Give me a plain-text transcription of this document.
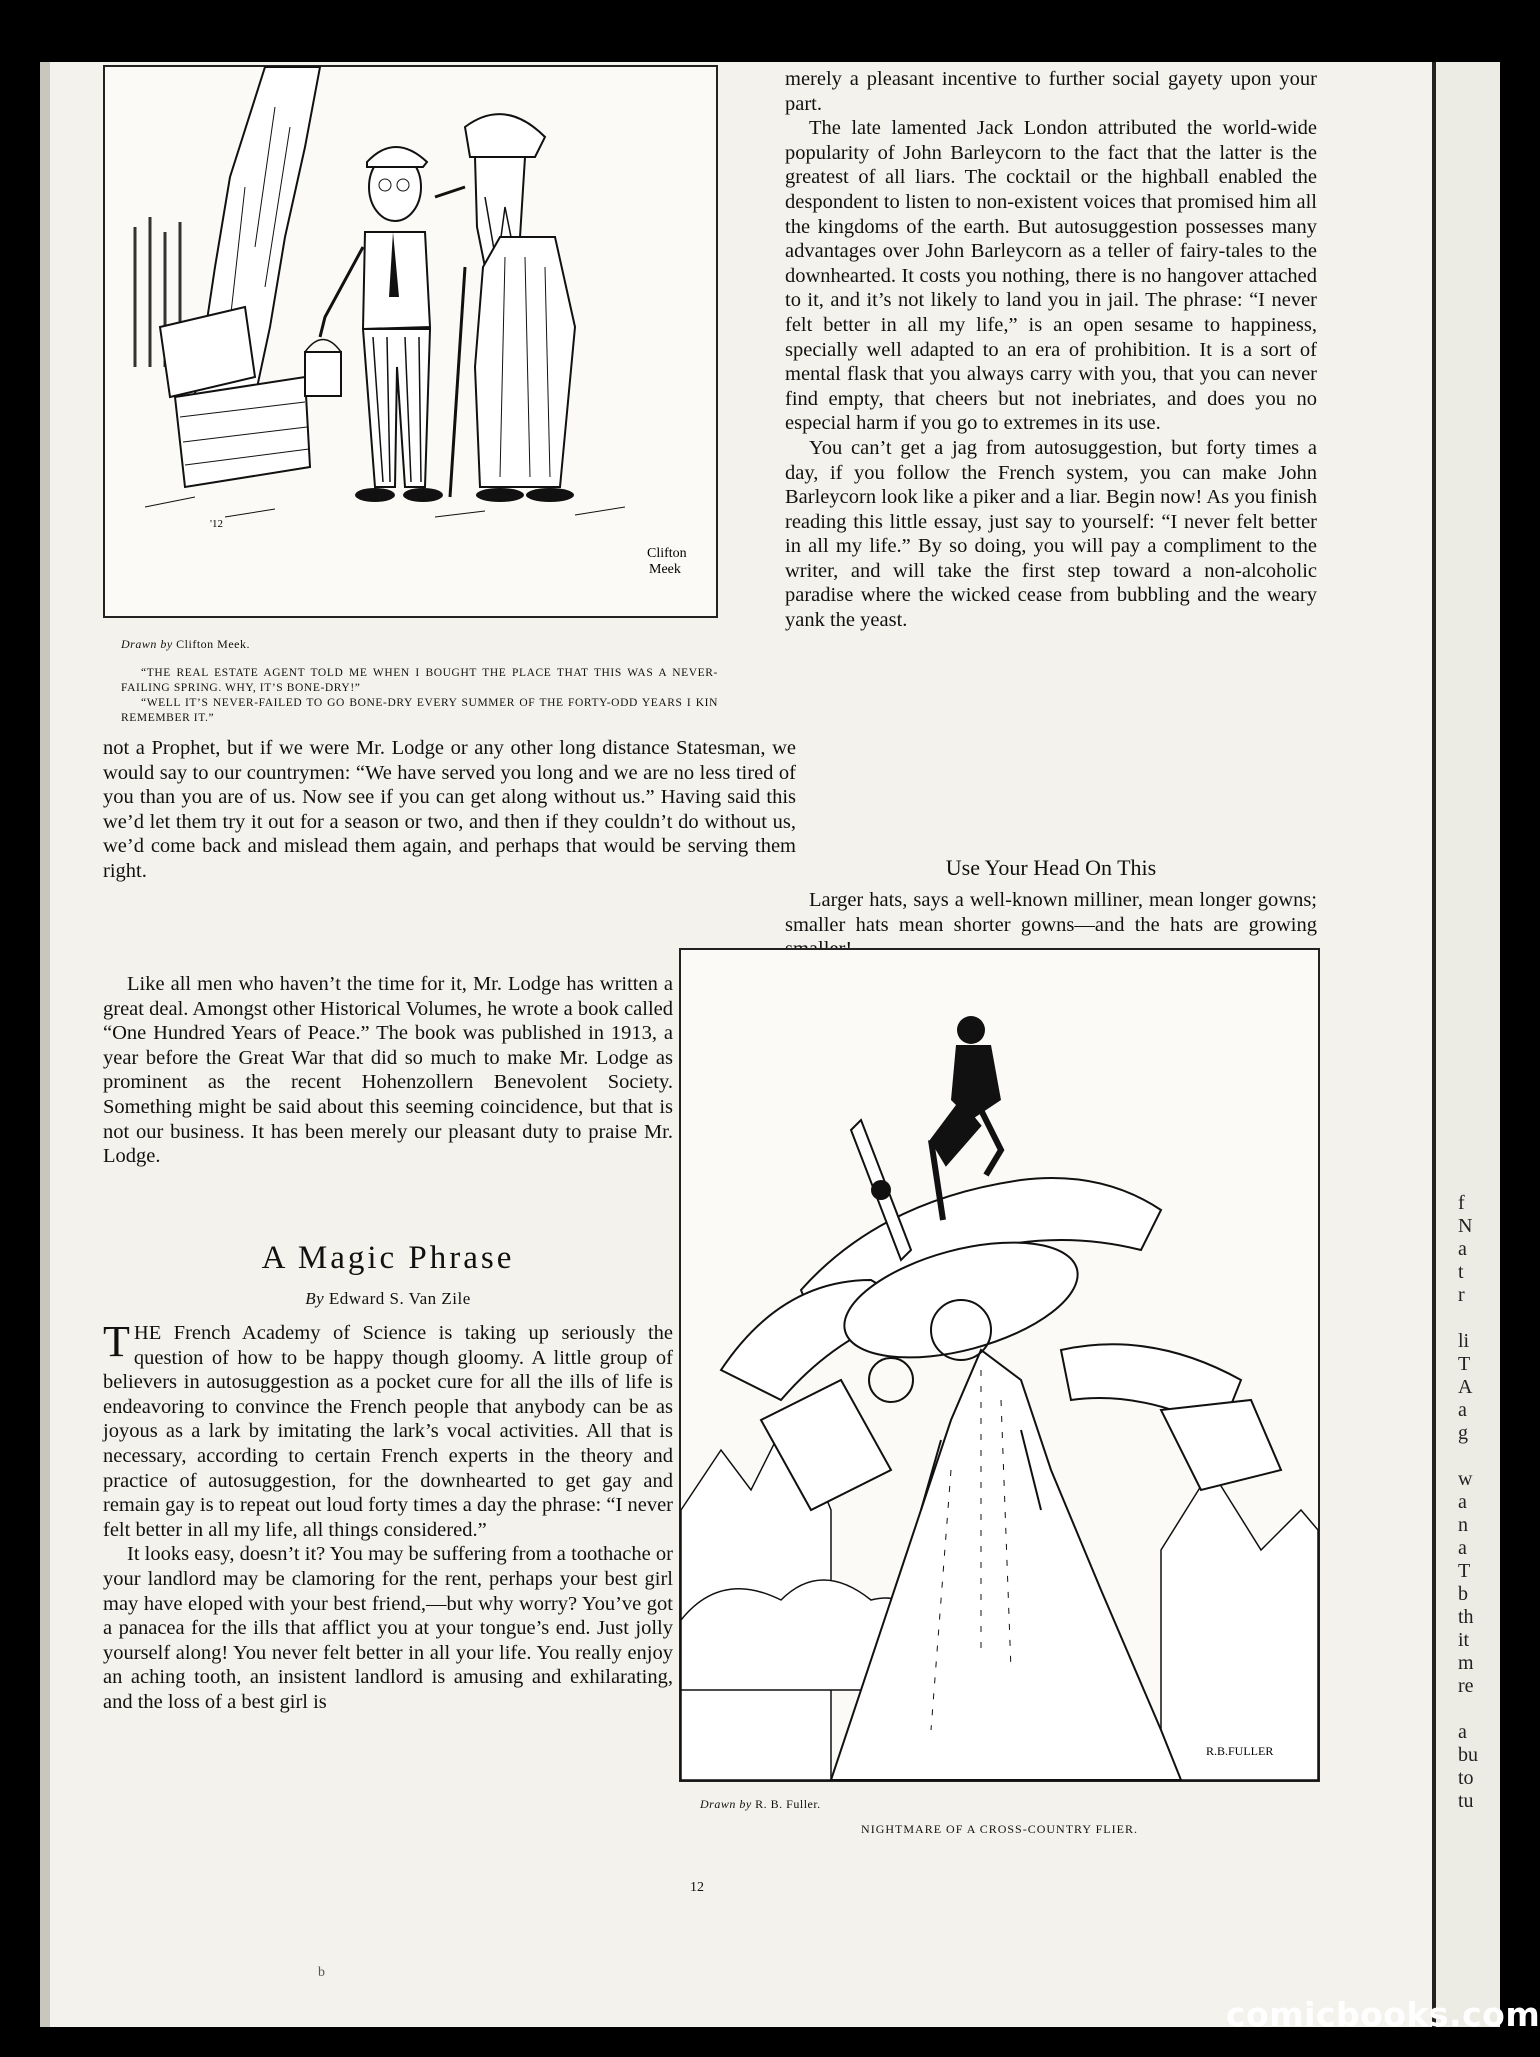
f
N
a
t
r
li
T
A
a
g
w
a
n
a
T
b
th
it
m
re
a
bu
to
tu
Clifton
Meek
'12
Drawn by Clifton Meek.

“THE REAL ESTATE AGENT TOLD ME WHEN I BOUGHT THE PLACE THAT THIS WAS A NEVER-FAILING SPRING. WHY, IT’S BONE-DRY!”

“WELL IT’S NEVER-FAILED TO GO BONE-DRY EVERY SUMMER OF THE FORTY-ODD YEARS I KIN REMEMBER IT.”

not a Prophet, but if we were Mr. Lodge or any other long distance Statesman, we would say to our countrymen: “We have served you long and we are no less tired of you than you are of us. Now see if you can get along without us.” Having said this we’d let them try it out for a season or two, and then if they couldn’t do without us, we’d come back and mislead them again, and perhaps that would be serving them right.

Like all men who haven’t the time for it, Mr. Lodge has written a great deal. Amongst other Historical Volumes, he wrote a book called “One Hundred Years of Peace.” The book was published in 1913, a year before the Great War that did so much to make Mr. Lodge as prominent as the recent Hohenzollern Benevolent Society. Something might be said about this seeming coincidence, but that is not our business. It has been merely our pleasant duty to praise Mr. Lodge.

A Magic Phrase
By Edward S. Van Zile

THE French Academy of Science is taking up seriously the question of how to be happy though gloomy. A little group of believers in autosuggestion as a pocket cure for all the ills of life is endeavoring to convince the French people that anybody can be as joyous as a lark by imitating the lark’s vocal activities. All that is necessary, according to certain French experts in the theory and practice of autosuggestion, for the downhearted to get gay and remain gay is to repeat out loud forty times a day the phrase: “I never felt better in all my life, all things considered.”

It looks easy, doesn’t it? You may be suffering from a toothache or your landlord may be clamoring for the rent, perhaps your best girl may have eloped with your best friend,—but why worry? You’ve got a panacea for the ills that afflict you at your tongue’s end. Just jolly yourself along! You never felt better in all your life. You really enjoy an aching tooth, an insistent landlord is amusing and exhilarating, and the loss of a best girl is

merely a pleasant incentive to further social gayety upon your part.

The late lamented Jack London attributed the world-wide popularity of John Barleycorn to the fact that the latter is the greatest of all liars. The cocktail or the highball enabled the despondent to listen to non-existent voices that promised him all the kingdoms of the earth. But autosuggestion possesses many advantages over John Barleycorn as a teller of fairy-tales to the downhearted. It costs you nothing, there is no hangover attached to it, and it’s not likely to land you in jail. The phrase: “I never felt better in all my life,” is an open sesame to happiness, specially well adapted to an era of prohibition. It is a sort of mental flask that you always carry with you, that you can never find empty, that cheers but not inebriates, and does you no especial harm if you go to extremes in its use.

You can’t get a jag from autosuggestion, but forty times a day, if you follow the French system, you can make John Barleycorn look like a piker and a liar. Begin now! As you finish reading this little essay, just say to yourself: “I never felt better in all my life.” By so doing, you will pay a compliment to the writer, and will take the first step toward a non-alcoholic paradise where the wicked cease from bubbling and the weary yank the yeast.

Use Your Head On This

Larger hats, says a well-known milliner, mean longer gowns; smaller hats mean shorter gowns—and the hats are growing

R.B.FULLER
Drawn by R. B. Fuller.
NIGHTMARE OF A CROSS-COUNTRY FLIER.
12
b
comicbooks.com
